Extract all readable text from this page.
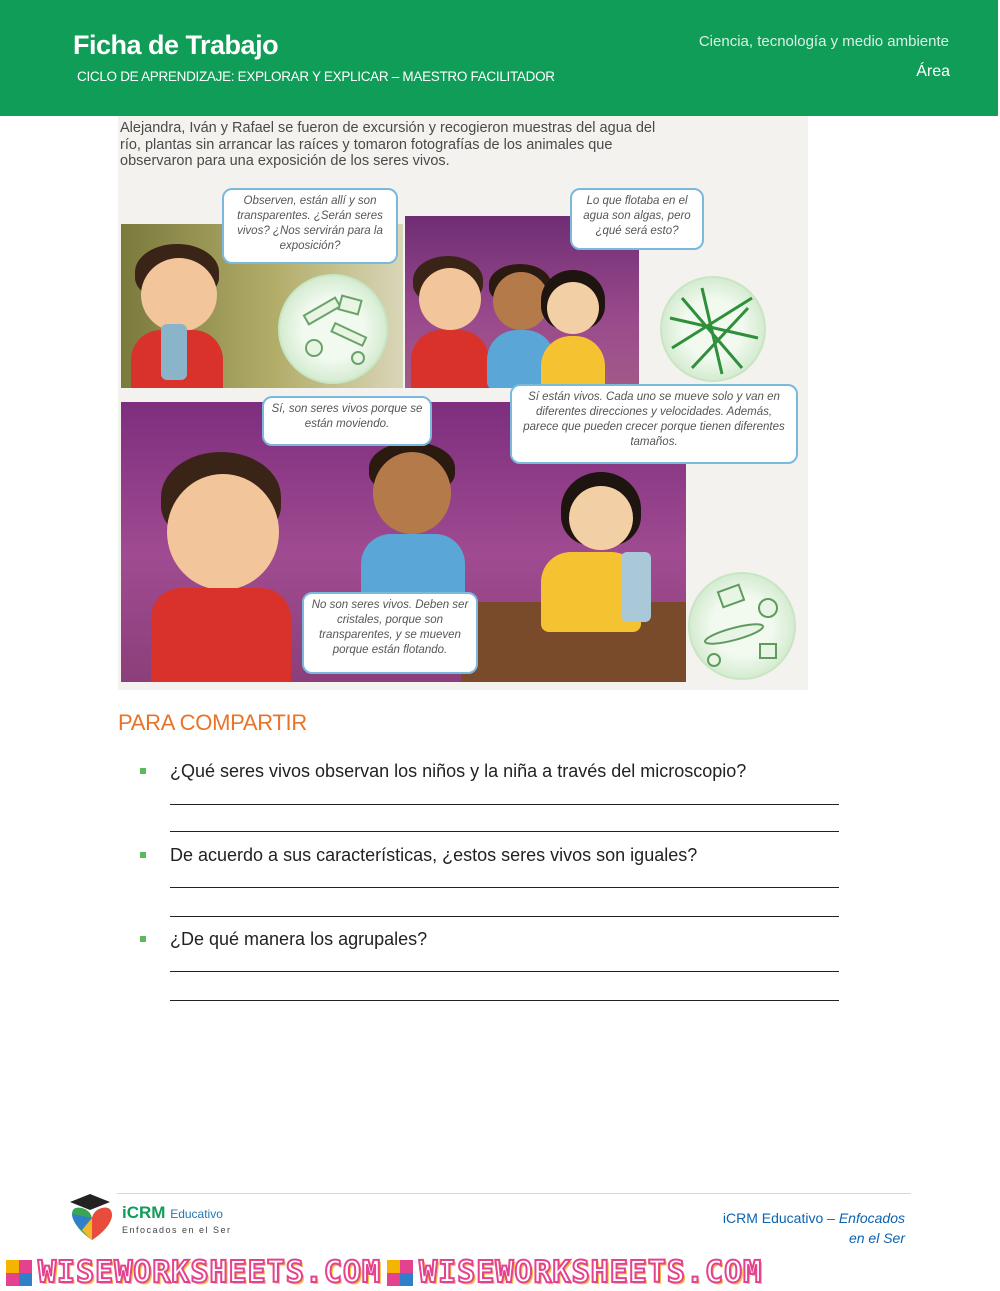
Ficha de Trabajo
CICLO DE APRENDIZAJE: EXPLORAR Y EXPLICAR – MAESTRO FACILITADOR
Ciencia, tecnología y medio ambiente
Área
Alejandra, Iván y Rafael se fueron de excursión y recogieron muestras del agua del río, plantas sin arrancar las raíces y tomaron fotografías de los animales que observaron para una exposición de los seres vivos.
Observen, están allí y son transparentes. ¿Serán seres vivos? ¿Nos servirán para la exposición?
Lo que flotaba en el agua son algas, pero ¿qué será esto?
Sí, son seres vivos porque se están moviendo.
Sí están vivos. Cada uno se mueve solo y van en diferentes direcciones y velocidades. Además, parece que pueden crecer porque tienen diferentes tamaños.
No son seres vivos. Deben ser cristales, porque son transparentes, y se mueven porque están flotando.
PARA COMPARTIR
¿Qué seres vivos observan los niños y la niña a través del microscopio?
De acuerdo a sus características, ¿estos seres vivos son iguales?
¿De qué manera los agrupales?
iCRM Educativo
Enfocados en el Ser
iCRM Educativo – Enfocados
en el Ser
WISEWORKSHEETS.COM WISEWORKSHEETS.COM
